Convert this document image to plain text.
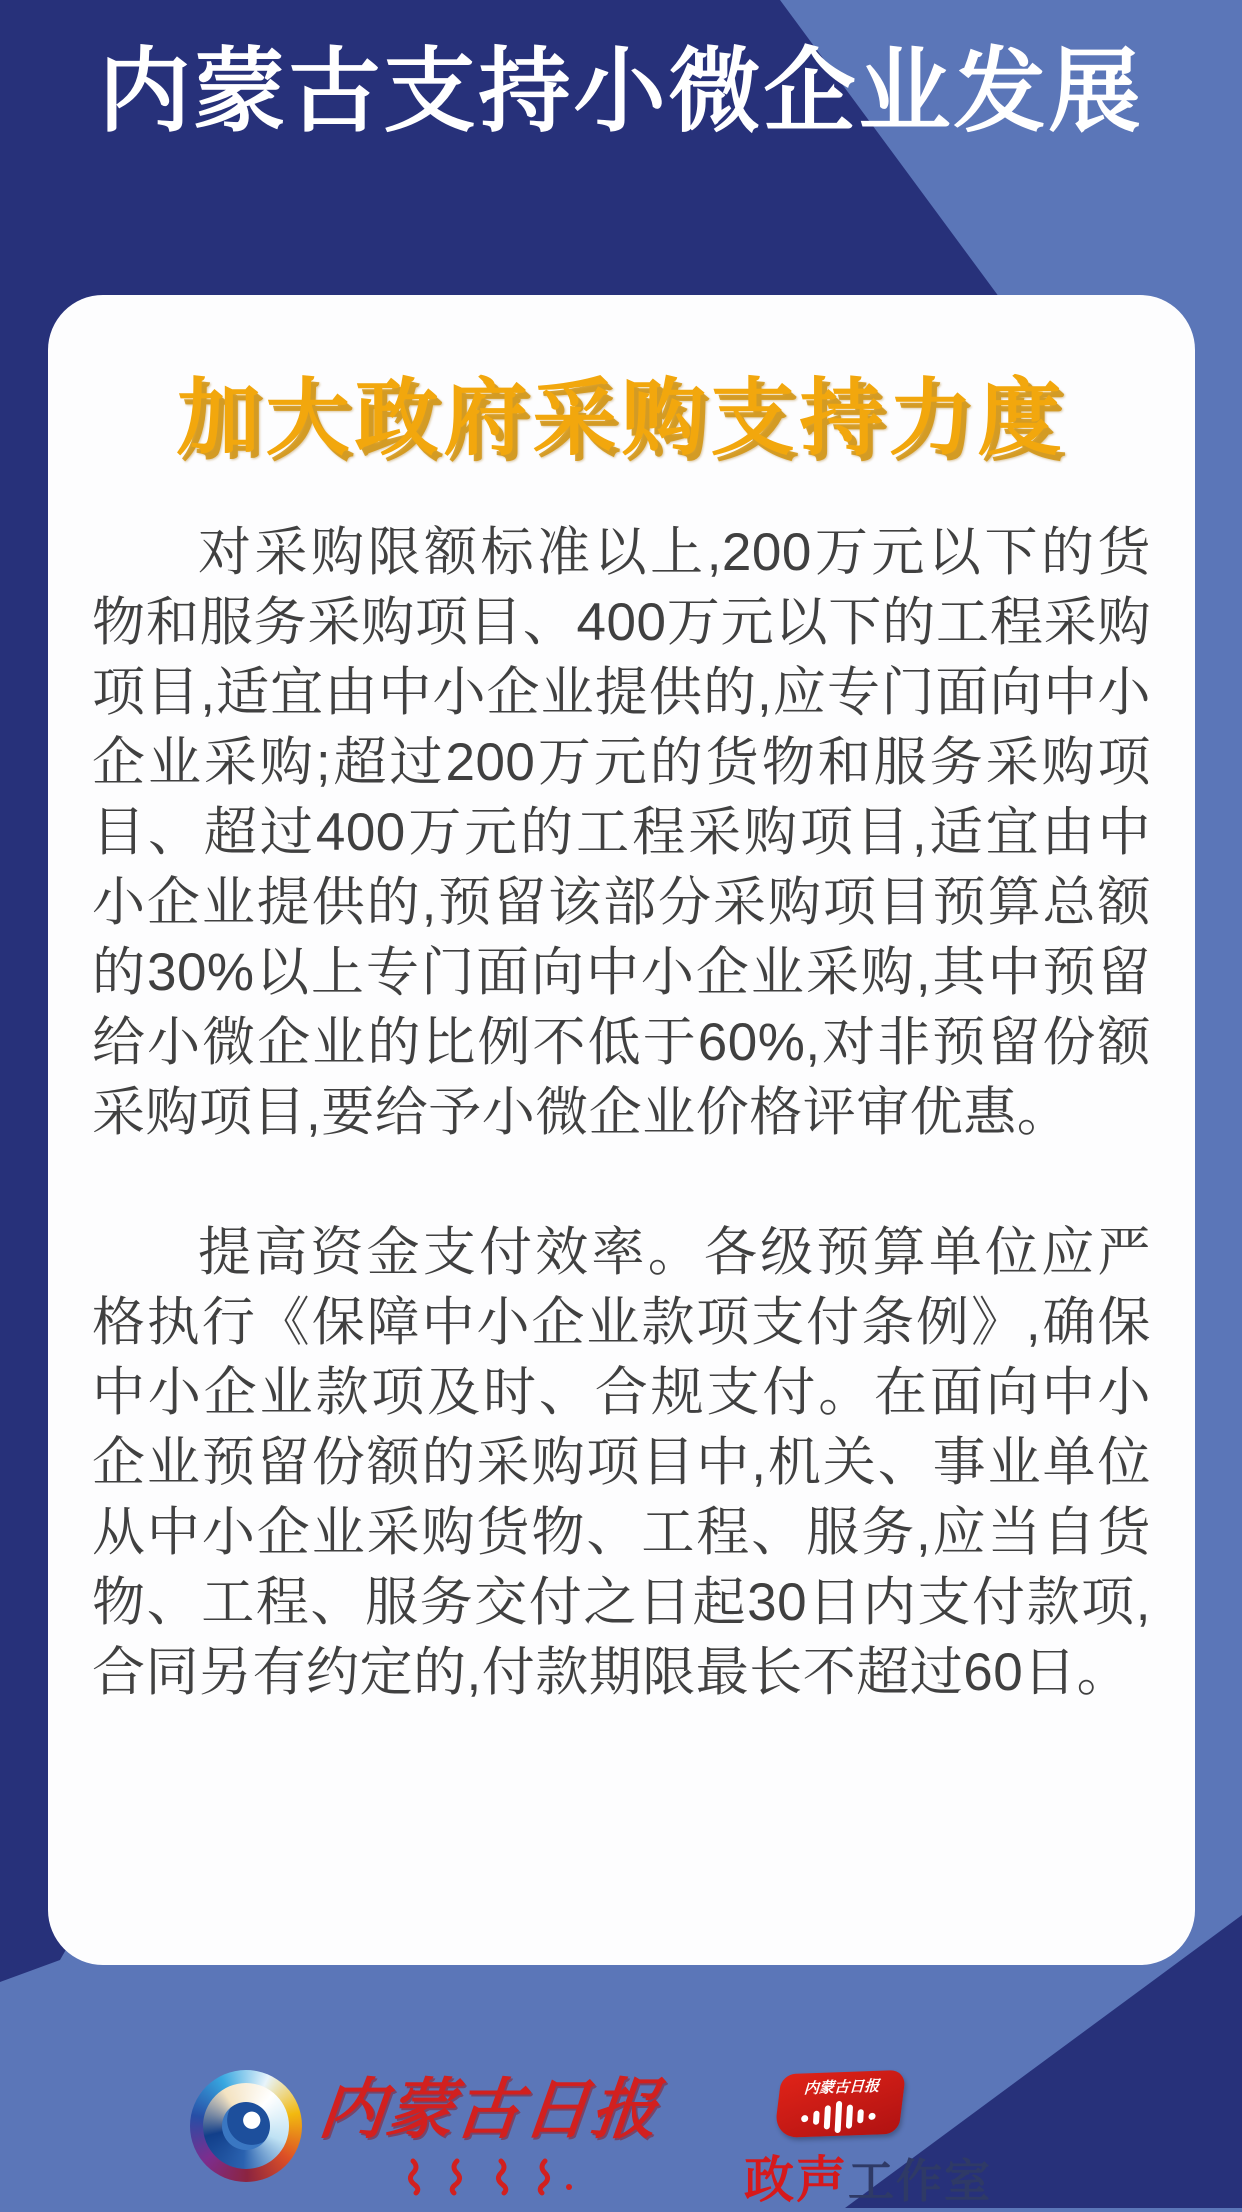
内蒙古支持小微企业发展
加大政府采购支持力度

对采购限额标准以上,200万元以下的货物和服务采购项目、400万元以下的工程采购项目,适宜由中小企业提供的,应专门面向中小企业采购;超过200万元的货物和服务采购项目、超过400万元的工程采购项目,适宜由中小企业提供的,预留该部分采购项目预算总额的30%以上专门面向中小企业采购,其中预留给小微企业的比例不低于60%,对非预留份额采购项目,要给予小微企业价格评审优惠。

提高资金支付效率。各级预算单位应严格执行《保障中小企业款项支付条例》,确保中小企业款项及时、合规支付。在面向中小企业预留份额的采购项目中,机关、事业单位从中小企业采购货物、工程、服务,应当自货物、工程、服务交付之日起30日内支付款项,合同另有约定的,付款期限最长不超过60日。

内蒙古日报	内蒙古日报
政声工作室
